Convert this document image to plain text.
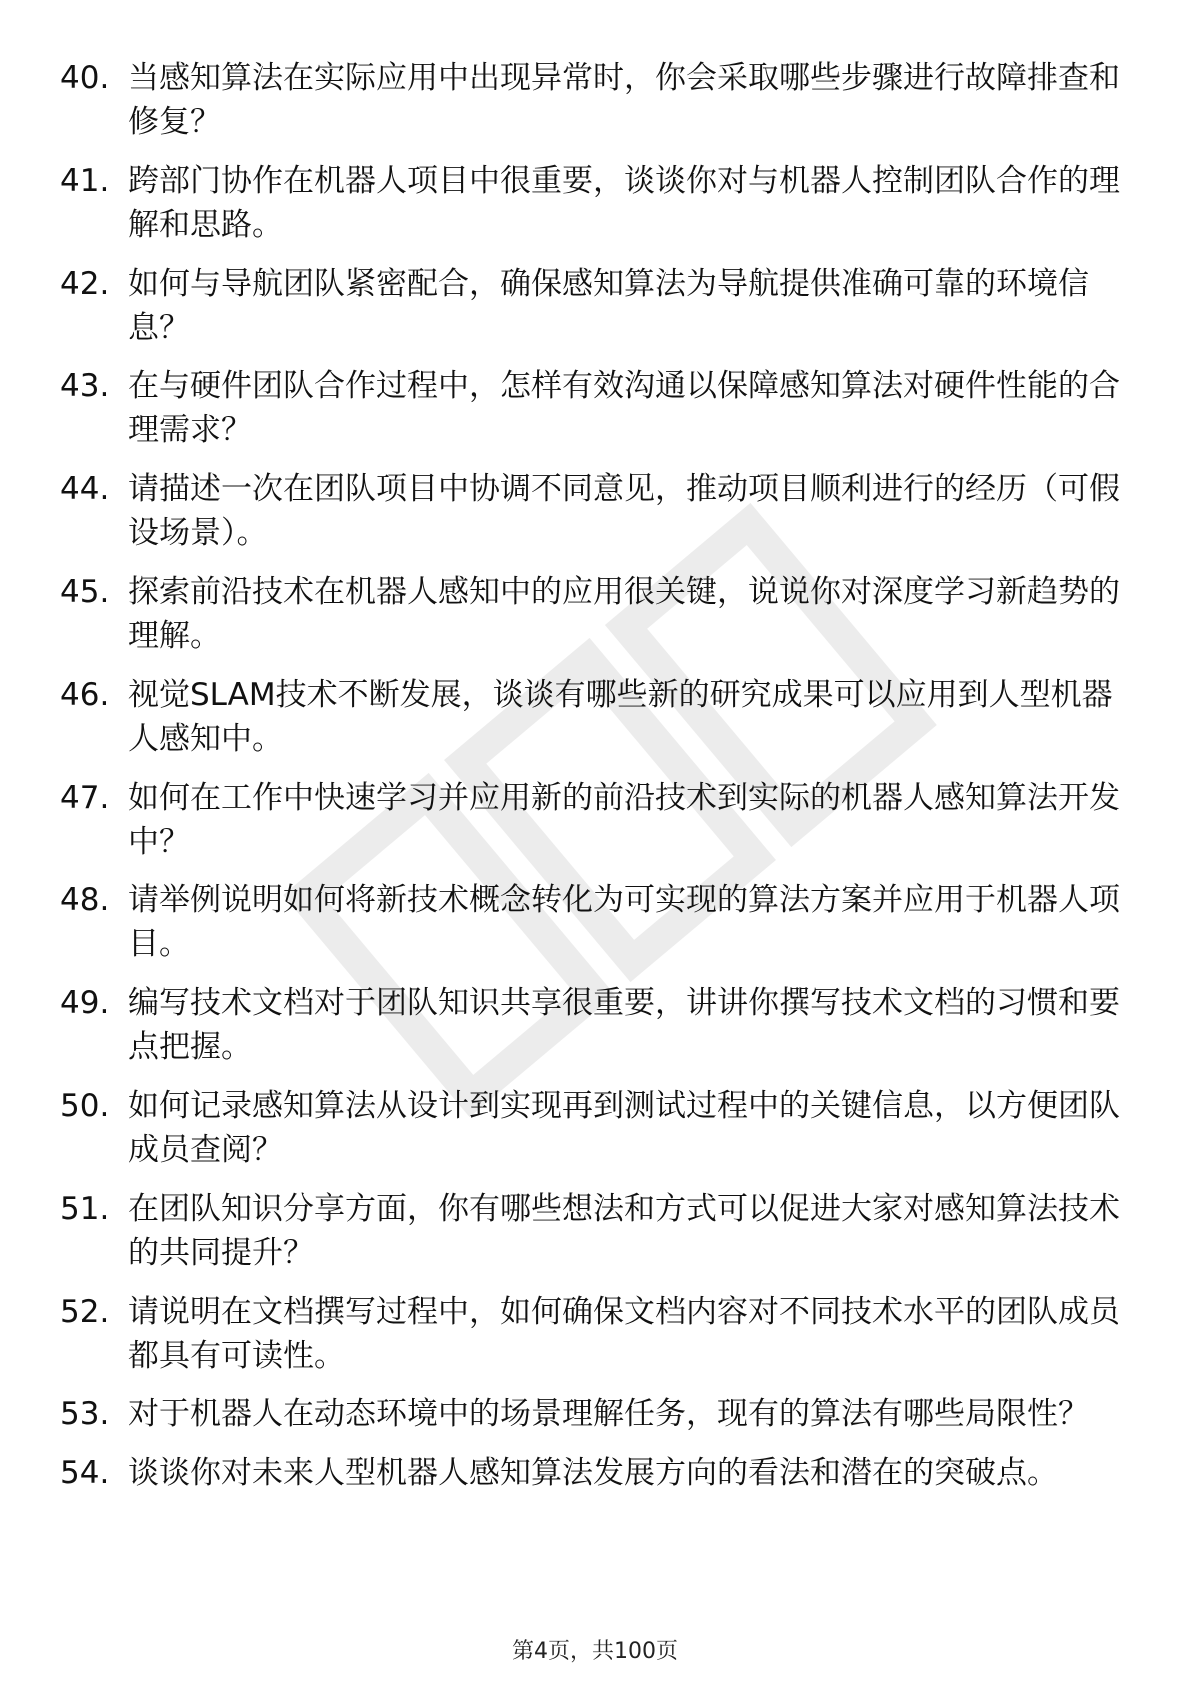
40. 当感知算法在实际应用中出现异常时，你会采取哪些步骤进行故障排查和修复？
41. 跨部门协作在机器人项目中很重要，谈谈你对与机器人控制团队合作的理解和思路。
42. 如何与导航团队紧密配合，确保感知算法为导航提供准确可靠的环境信息？
43. 在与硬件团队合作过程中，怎样有效沟通以保障感知算法对硬件性能的合理需求？
44. 请描述一次在团队项目中协调不同意见，推动项目顺利进行的经历（可假设场景）。
45. 探索前沿技术在机器人感知中的应用很关键，说说你对深度学习新趋势的理解。
46. 视觉SLAM技术不断发展，谈谈有哪些新的研究成果可以应用到人型机器人感知中。
47. 如何在工作中快速学习并应用新的前沿技术到实际的机器人感知算法开发中？
48. 请举例说明如何将新技术概念转化为可实现的算法方案并应用于机器人项目。
49. 编写技术文档对于团队知识共享很重要，讲讲你撰写技术文档的习惯和要点把握。
50. 如何记录感知算法从设计到实现再到测试过程中的关键信息，以方便团队成员查阅？
51. 在团队知识分享方面，你有哪些想法和方式可以促进大家对感知算法技术的共同提升？
52. 请说明在文档撰写过程中，如何确保文档内容对不同技术水平的团队成员都具有可读性。
53. 对于机器人在动态环境中的场景理解任务，现有的算法有哪些局限性？
54. 谈谈你对未来人型机器人感知算法发展方向的看法和潜在的突破点。
第4页，共100页
